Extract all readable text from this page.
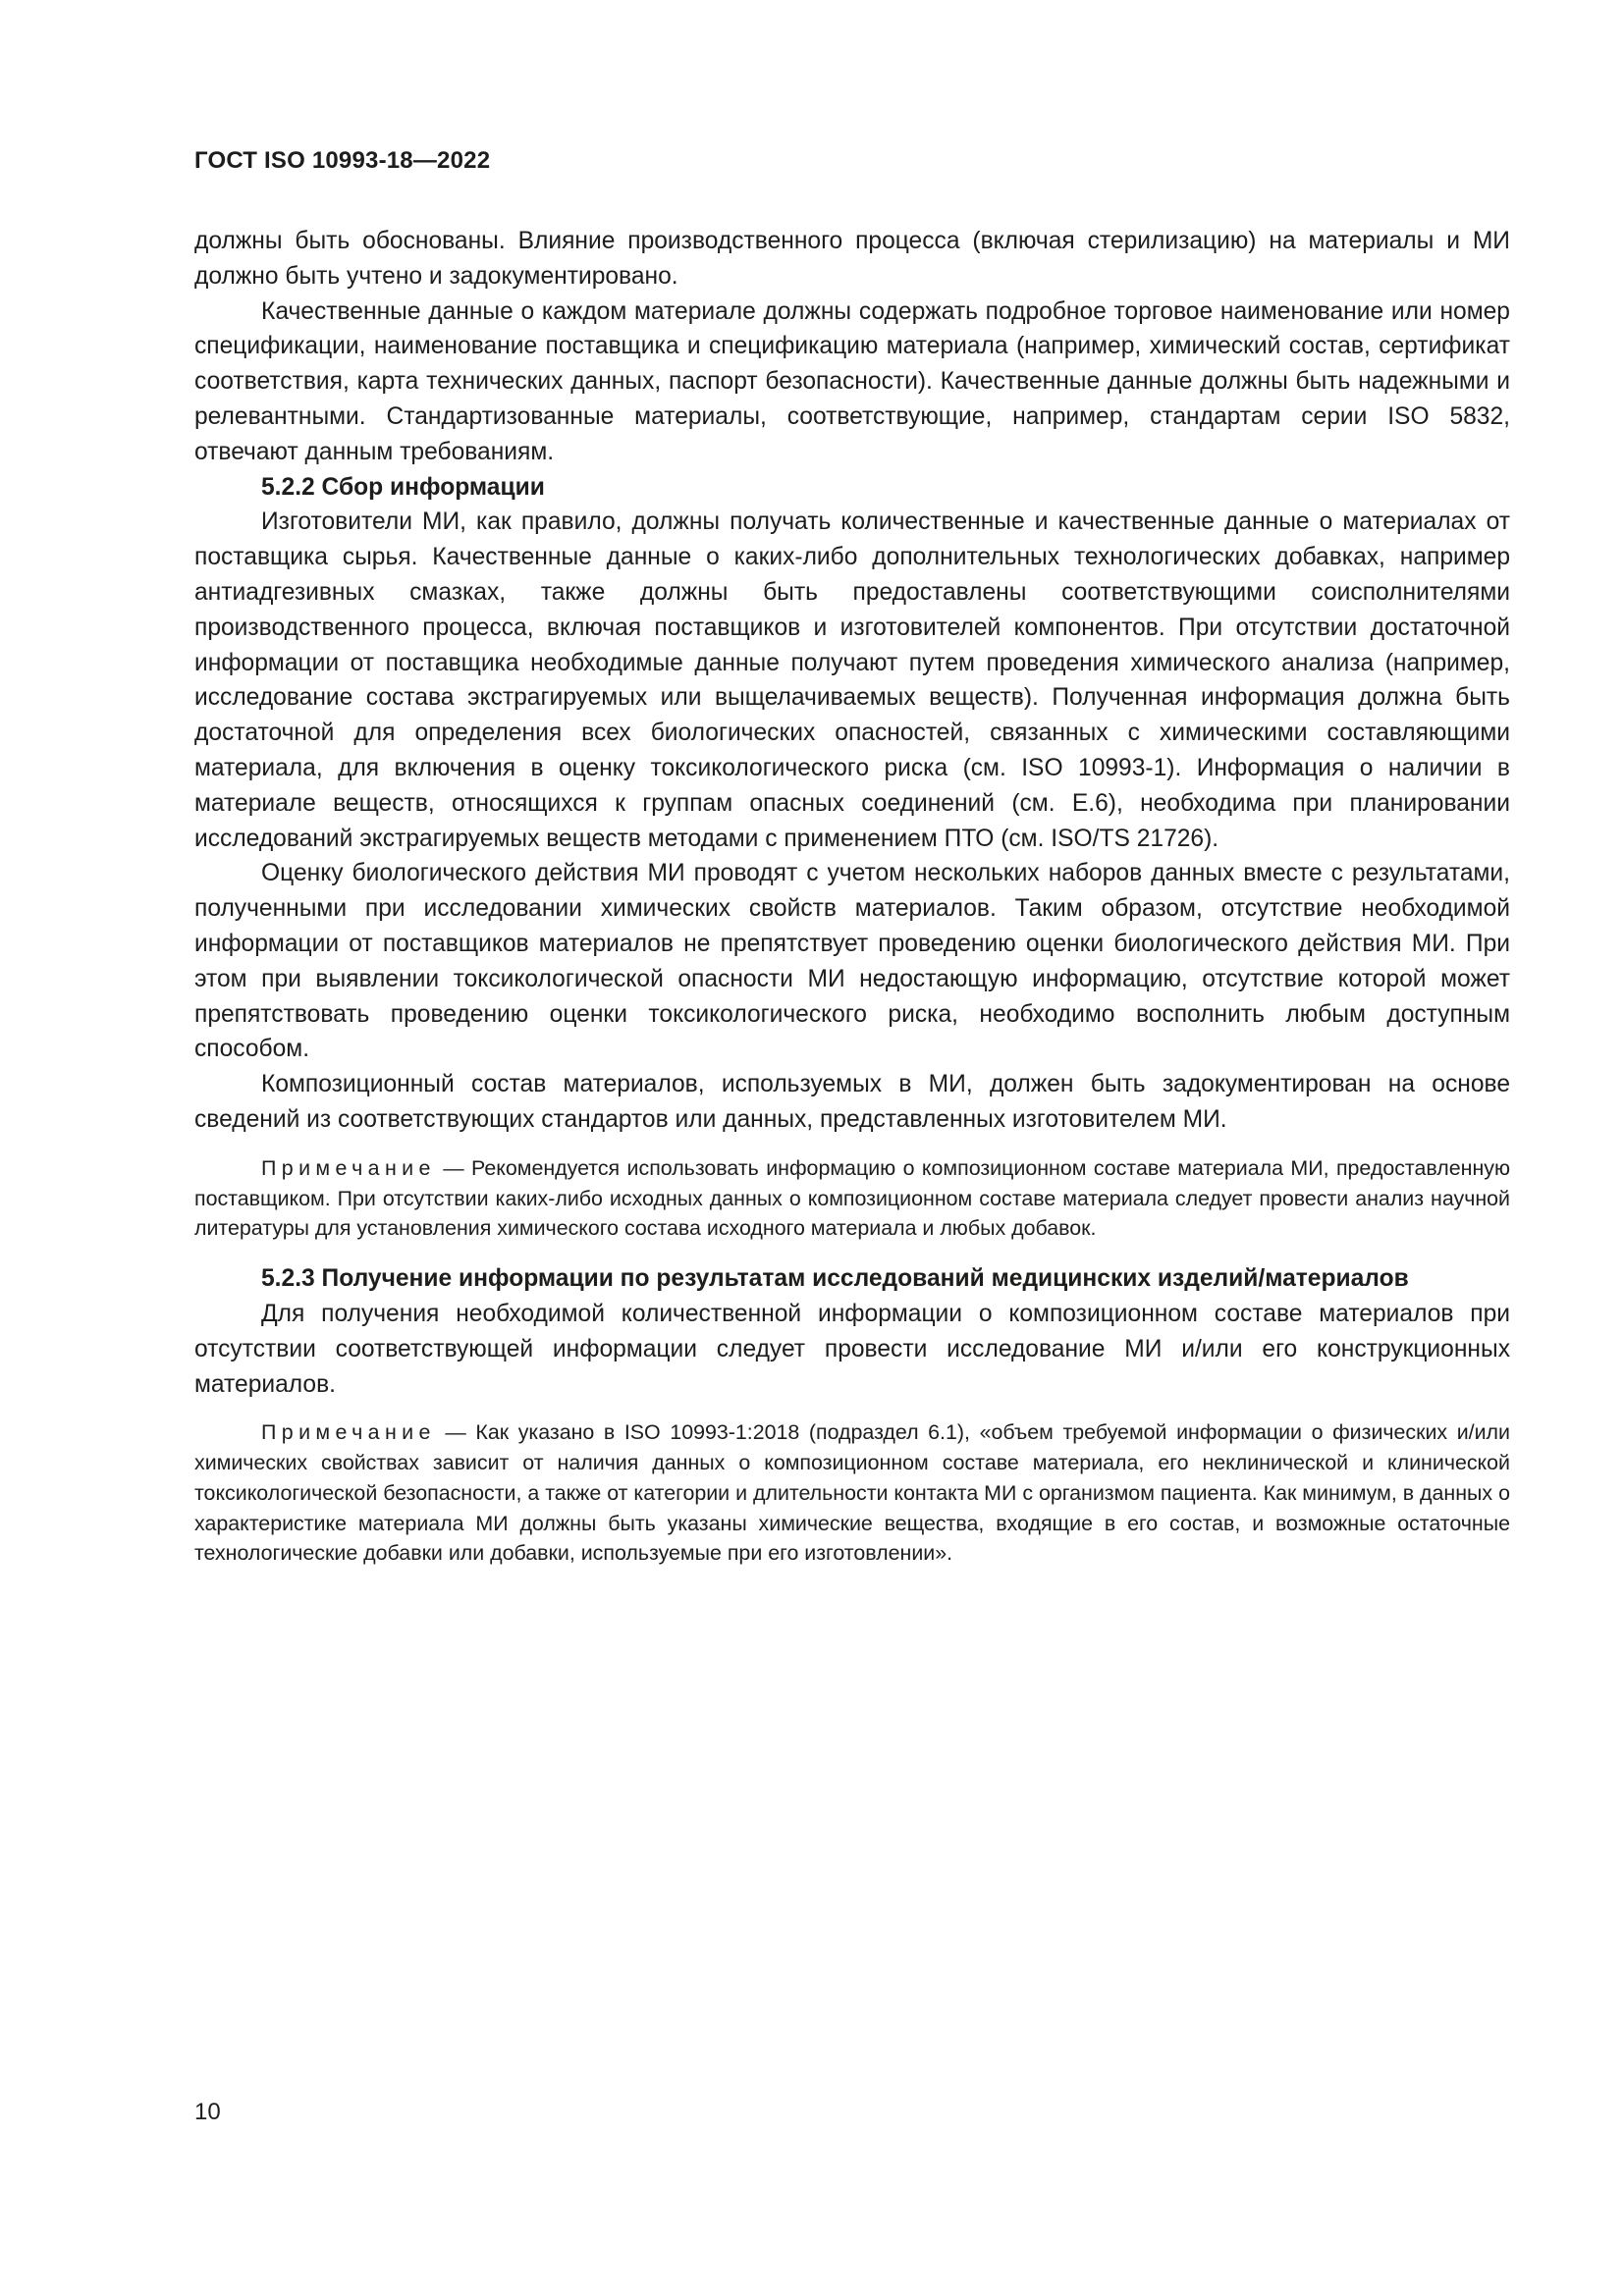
ГОСТ ISO 10993-18—2022

должны быть обоснованы. Влияние производственного процесса (включая стерилизацию) на материалы и МИ должно быть учтено и задокументировано.

Качественные данные о каждом материале должны содержать подробное торговое наименование или номер спецификации, наименование поставщика и спецификацию материала (например, химический состав, сертификат соответствия, карта технических данных, паспорт безопасности). Качественные данные должны быть надежными и релевантными. Стандартизованные материалы, соответствующие, например, стандартам серии ISO 5832, отвечают данным требованиям.

5.2.2 Сбор информации

Изготовители МИ, как правило, должны получать количественные и качественные данные о материалах от поставщика сырья. Качественные данные о каких-либо дополнительных технологических добавках, например антиадгезивных смазках, также должны быть предоставлены соответствующими соисполнителями производственного процесса, включая поставщиков и изготовителей компонентов. При отсутствии достаточной информации от поставщика необходимые данные получают путем проведения химического анализа (например, исследование состава экстрагируемых или выщелачиваемых веществ). Полученная информация должна быть достаточной для определения всех биологических опасностей, связанных с химическими составляющими материала, для включения в оценку токсикологического риска (см. ISO 10993-1). Информация о наличии в материале веществ, относящихся к группам опасных соединений (см. Е.6), необходима при планировании исследований экстрагируемых веществ методами с применением ПТО (см. ISO/TS 21726).

Оценку биологического действия МИ проводят с учетом нескольких наборов данных вместе с результатами, полученными при исследовании химических свойств материалов. Таким образом, отсутствие необходимой информации от поставщиков материалов не препятствует проведению оценки биологического действия МИ. При этом при выявлении токсикологической опасности МИ недостающую информацию, отсутствие которой может препятствовать проведению оценки токсикологического риска, необходимо восполнить любым доступным способом.

Композиционный состав материалов, используемых в МИ, должен быть задокументирован на основе сведений из соответствующих стандартов или данных, представленных изготовителем МИ.

Примечание — Рекомендуется использовать информацию о композиционном составе материала МИ, предоставленную поставщиком. При отсутствии каких-либо исходных данных о композиционном составе материала следует провести анализ научной литературы для установления химического состава исходного материала и любых добавок.

5.2.3 Получение информации по результатам исследований медицинских изделий/материалов

Для получения необходимой количественной информации о композиционном составе материалов при отсутствии соответствующей информации следует провести исследование МИ и/или его конструкционных материалов.

Примечание — Как указано в ISO 10993-1:2018 (подраздел 6.1), «объем требуемой информации о физических и/или химических свойствах зависит от наличия данных о композиционном составе материала, его неклинической и клинической токсикологической безопасности, а также от категории и длительности контакта МИ с организмом пациента. Как минимум, в данных о характеристике материала МИ должны быть указаны химические вещества, входящие в его состав, и возможные остаточные технологические добавки или добавки, используемые при его изготовлении».

10
